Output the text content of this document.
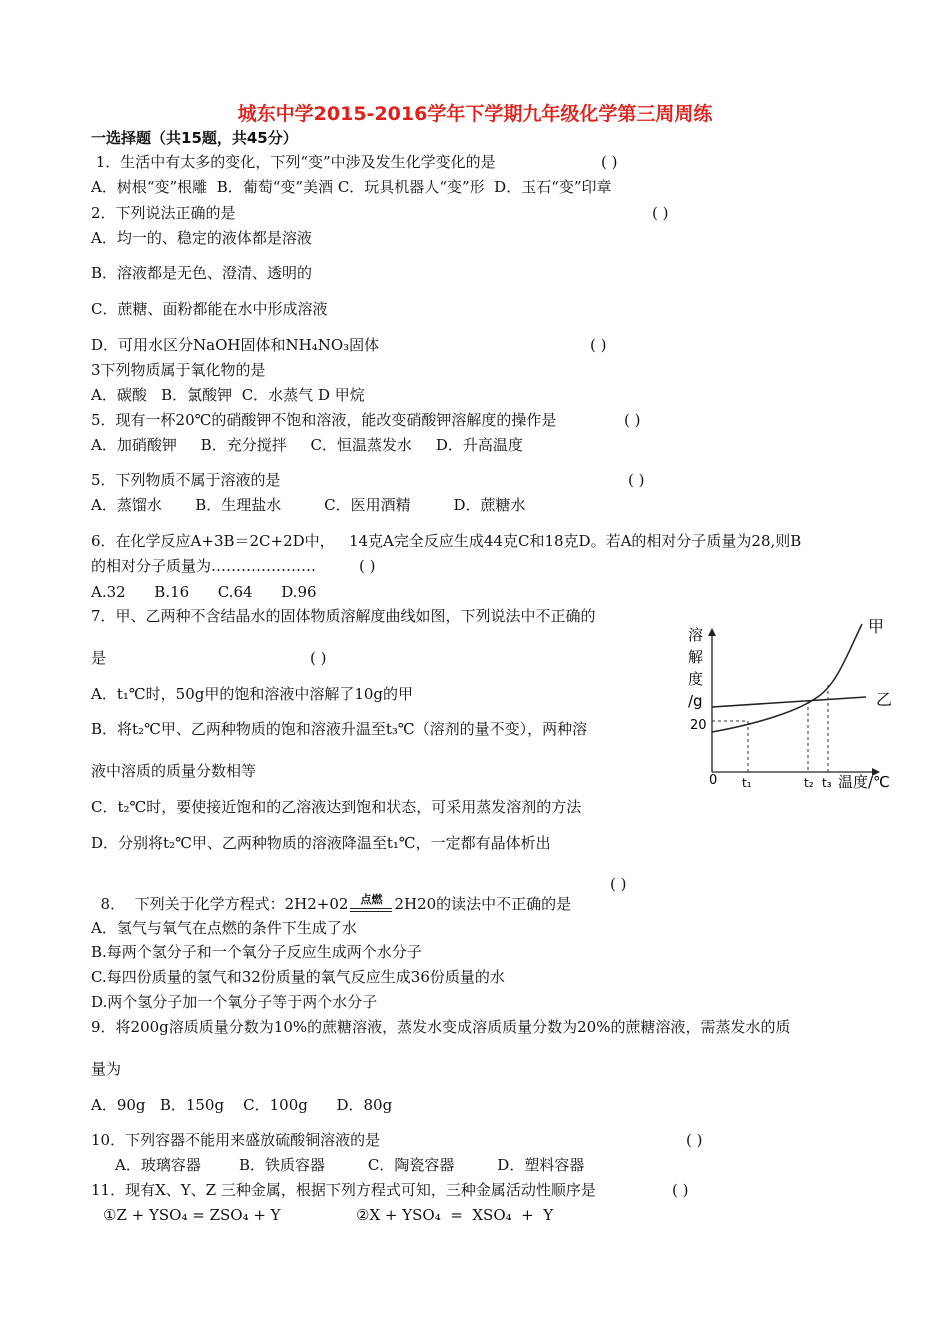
城东中学2015-2016学年下学期九年级化学第三周周练
一选择题（共15题，共45分）
1．生活中有太多的变化，下列“变”中涉及发生化学变化的是	( )
A．树根“变”根雕  B．葡萄“变”美酒 C．玩具机器人“变”形  D．玉石“变”印章
2．下列说法正确的是	( )
A．均一的、稳定的液体都是溶液
B．溶液都是无色、澄清、透明的
C．蔗糖、面粉都能在水中形成溶液
D．可用水区分NaOH固体和NH₄NO₃固体	( )
3下列物质属于氧化物的是
A．碳酸   B．氯酸钾  C．水蒸气 D 甲烷
5．现有一杯20℃的硝酸钾不饱和溶液，能改变硝酸钾溶解度的操作是	( )
A．加硝酸钾     B．充分搅拌     C．恒温蒸发水     D．升高温度
5．下列物质不属于溶液的是	( )
A．蒸馏水       B．生理盐水         C．医用酒精         D．蔗糖水
6．在化学反应A+3B＝2C+2D中，   14克A完全反应生成44克C和18克D。若A的相对分子质量为28,则B
的相对分子质量为…………………	( )
A.32      B.16      C.64      D.96
7．甲、乙两种不含结晶水的固体物质溶解度曲线如图，下列说法中不正确的
是	( )
A．t₁℃时，50g甲的饱和溶液中溶解了10g的甲
B．将t₂℃甲、乙两种物质的饱和溶液升温至t₃℃（溶剂的量不变），两种溶
液中溶质的质量分数相等
C．t₂℃时，要使接近饱和的乙溶液达到饱和状态，可采用蒸发溶剂的方法
D．分别将t₂℃甲、乙两种物质的溶液降温至t₁℃，一定都有晶体析出
溶
解
度
/g
20
0 t₁	t₂ t₃ 温度/℃
甲
乙

8．  下列关于化学方程式：2H2+02	点燃 2H20的读法中不正确的是

( )
A．氢气与氧气在点燃的条件下生成了水
B.每两个氢分子和一个氧分子反应生成两个水分子
C.每四份质量的氢气和32份质量的氧气反应生成36份质量的水
D.两个氢分子加一个氧分子等于两个水分子
9．将200g溶质质量分数为10%的蔗糖溶液，蒸发水变成溶质质量分数为20%的蔗糖溶液，需蒸发水的质
量为
A．90g   B．150g    C．100g      D．80g
10．下列容器不能用来盛放硫酸铜溶液的是	( )
A．玻璃容器        B．铁质容器         C．陶瓷容器         D．塑料容器
11．现有X、Y、Z 三种金属，根据下列方程式可知，三种金属活动性顺序是	( )
①Z + YSO₄ = ZSO₄ + Y	②X + YSO₄  =  XSO₄  +  Y
